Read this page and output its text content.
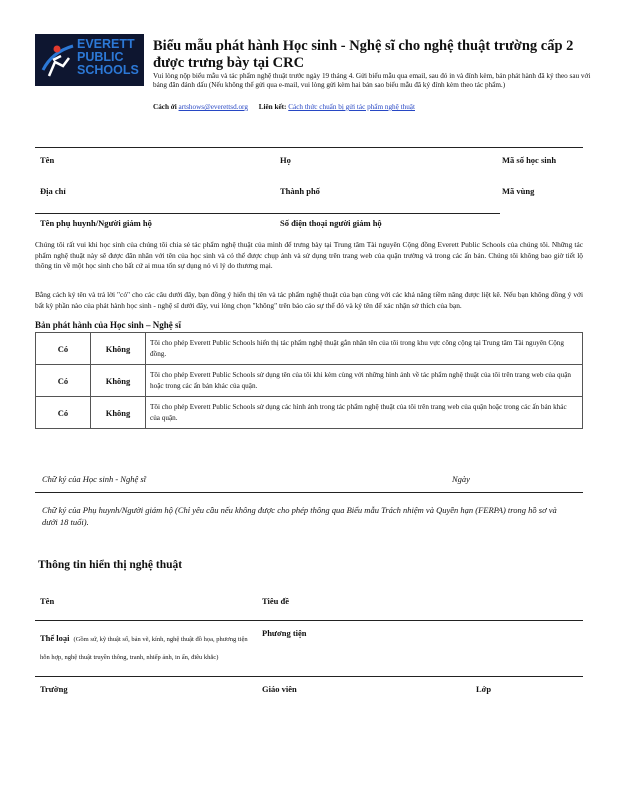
EVERETT
PUBLIC
SCHOOLS
Biểu mẫu phát hành Học sinh - Nghệ sĩ cho nghệ thuật trường cấp 2 được trưng bày tại CRC
Vui lòng nộp biểu mẫu và tác phẩm nghệ thuật trước ngày 19 tháng 4. Gửi biểu mẫu qua email, sau đó in và đính kèm, bản phát hành đã ký theo sau với bảng đăn đánh dấu (Nếu không thể gửi qua e-mail, vui lòng gửi kèm hai bản sao biểu mẫu đã ký đính kèm theo tác phẩm.)
Cách ới artshows@everettsd.org Liên kết: Cách thức chuẩn bị gửi tác phẩm nghệ thuật
Tên	Họ	Mã số học sinh
Địa chỉ	Thành phố	Mã vùng
Tên phụ huynh/Người giám hộ	Số điện thoại người giám hộ
Chúng tôi rất vui khi học sinh của chúng tôi chia sẻ tác phẩm nghệ thuật của mình để trưng bày tại Trung tâm Tài nguyên Cộng đồng Everett Public Schools của chúng tôi. Những tác phẩm nghệ thuật này sẽ được đăn nhãn với tên của học sinh và có thể được chụp ảnh và sử dụng trên trang web của quận trường và trong các ấn bản. Chúng tôi không bao giờ tiết lộ thông tin về một học sinh cho bất cứ ai mua tổn sự dụng nó vì lý do thương mại.
Bằng cách ký tên và trả lời "có" cho các câu dưới đây, bạn đồng ý hiển thị tên và tác phẩm nghệ thuật của bạn cùng với các khả năng tiềm năng được liệt kê. Nếu bạn không đồng ý với bất kỳ phần nào của phát hành học sinh - nghệ sĩ dưới đây, vui lòng chọn "không" trên báo cáo sự thể đó và ký tên để xác nhận sở thích của bạn.
Bản phát hành của Học sinh – Nghệ sĩ
Có	Không	Tôi cho phép Everett Public Schools hiển thị tác phẩm nghệ thuật gắn nhãn tên của tôi trong khu vực công cộng tại Trung tâm Tài nguyên Cộng đồng.
Có	Không	Tôi cho phép Everett Public Schools sử dụng tên của tôi khi kèm cùng với những hình ảnh về tác phẩm nghệ thuật của tôi trên trang web của quận hoặc trong các ấn bản khác của quận.
Có	Không	Tôi cho phép Everett Public Schools sử dụng các hình ảnh trong tác phẩm nghệ thuật của tôi trên trang web của quận hoặc trong các ấn bản khác của quận.
Chữ ký của Học sinh - Nghệ sĩ	Ngày
Chữ ký của Phụ huynh/Người giám hộ (Chỉ yêu cầu nếu không được cho phép thông qua Biểu mẫu Trách nhiệm và Quyền hạn (FERPA) trong hồ sơ và dưới 18 tuổi).
Thông tin hiển thị nghệ thuật
Tên	Tiêu đề
Thể loại (Gồm sứ, kỹ thuật số, bản vẽ, kính, nghệ thuật đồ họa, phương tiện hỗn hợp, nghệ thuật truyền thông, tranh, nhiếp ảnh, in ấn, điêu khắc)
Phương tiện
Trường	Giáo viên	Lớp
